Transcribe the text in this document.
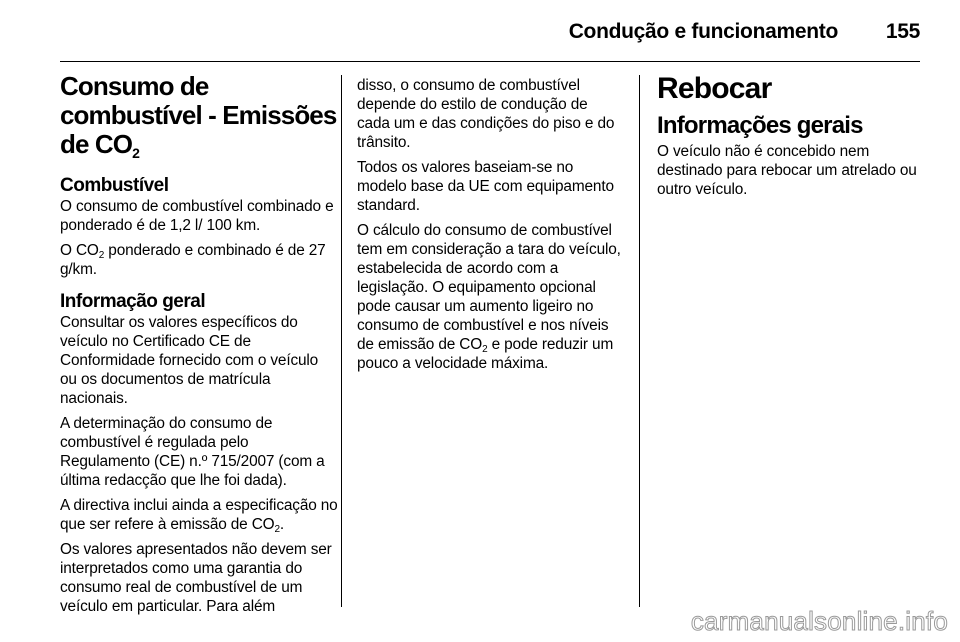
Condução e funcionamento 155
Consumo de combustível - Emissões de $CO_2$
Combustível

O consumo de combustível combinado e ponderado é de 1,2 l/ 100 km.

O $CO_2$ ponderado e combinado é de 27 g/km.

Informação geral

Consultar os valores específicos do veículo no Certificado CE de Conformidade fornecido com o veículo ou os documentos de matrícula nacionais.

A determinação do consumo de combustível é regulada pelo Regulamento (CE) n.º 715/2007 (com a última redacção que lhe foi dada).

A directiva inclui ainda a especificação no que ser refere à emissão de $CO_2$.

Os valores apresentados não devem ser interpretados como uma garantia do consumo real de combustível de um veículo em particular. Para além

disso, o consumo de combustível depende do estilo de condução de cada um e das condições do piso e do trânsito.

Todos os valores baseiam-se no modelo base da UE com equipamento standard.

O cálculo do consumo de combustível tem em consideração a tara do veículo, estabelecida de acordo com a legislação. O equipamento opcional pode causar um aumento ligeiro no consumo de combustível e nos níveis de emissão de $CO_2$ e pode reduzir um pouco a velocidade máxima.

Rebocar
Informações gerais

O veículo não é concebido nem destinado para rebocar um atrelado ou outro veículo.

carmanualsonline.info
